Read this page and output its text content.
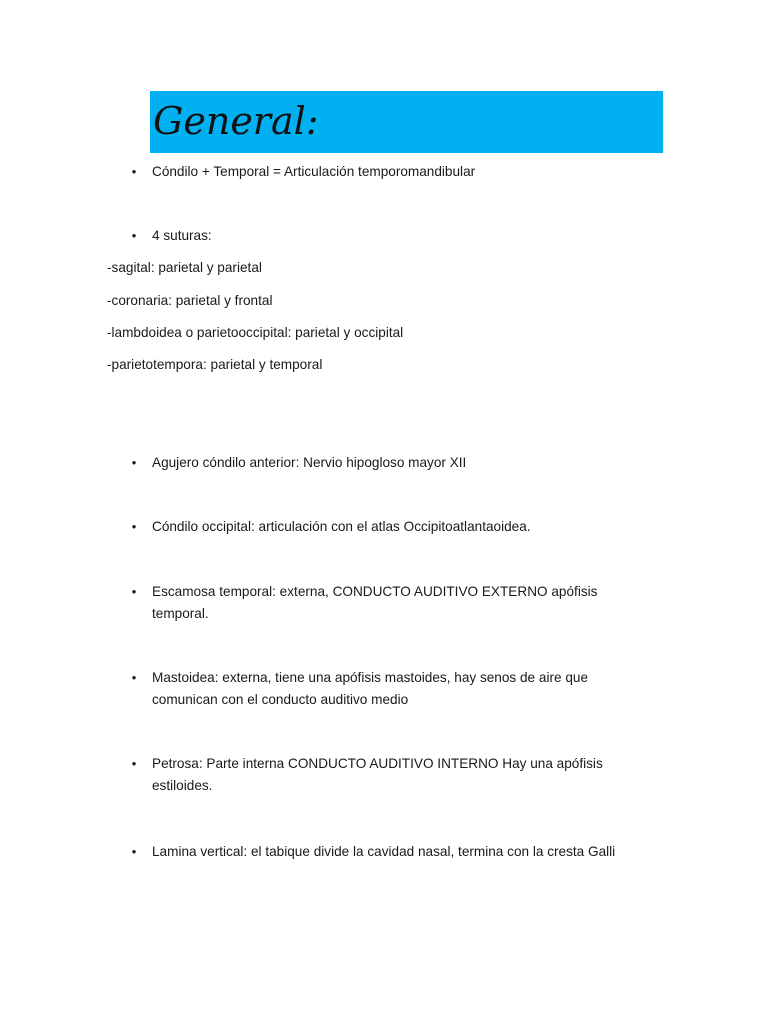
General:
• Cóndilo + Temporal = Articulación temporomandibular
• 4 suturas:
-sagital: parietal y parietal
-coronaria: parietal y frontal
-lambdoidea o parietooccipital: parietal y occipital
-parietotempora: parietal y temporal
• Agujero cóndilo anterior: Nervio hipogloso mayor XII
• Cóndilo occipital: articulación con el atlas Occipitoatlantaoidea.
• Escamosa temporal: externa, CONDUCTO AUDITIVO EXTERNO apófisis temporal.
• Mastoidea: externa, tiene una apófisis mastoides, hay senos de aire que comunican con el conducto auditivo medio
• Petrosa: Parte interna CONDUCTO AUDITIVO INTERNO Hay una apófisis estiloides.
• Lamina vertical: el tabique divide la cavidad nasal, termina con la cresta Galli
